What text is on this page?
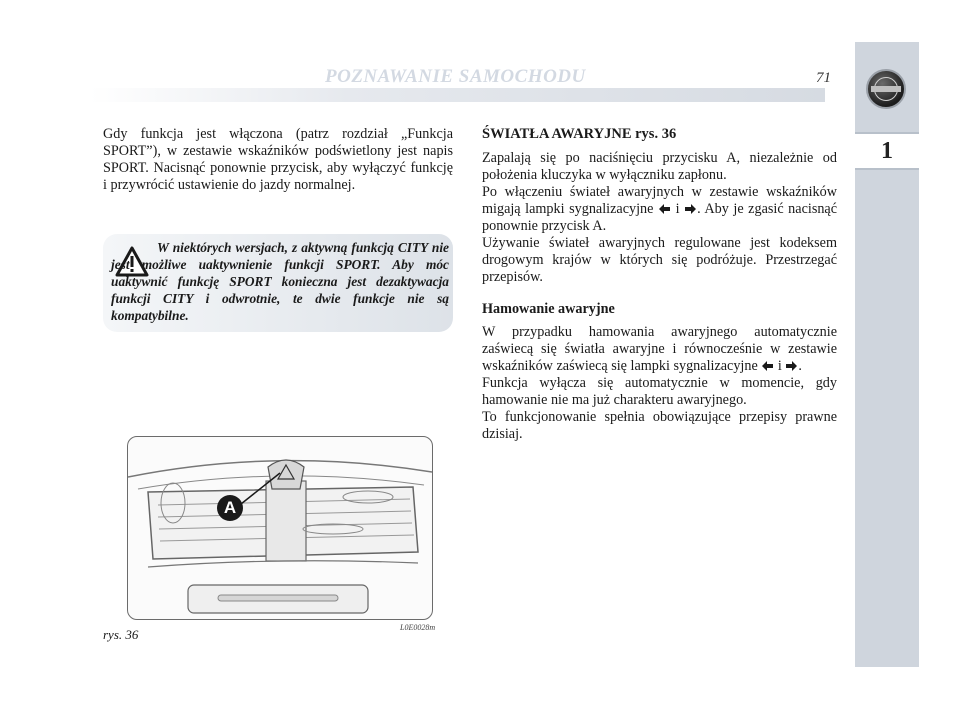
POZNAWANIE SAMOCHODU	71
1

Gdy funkcja jest włączona (patrz rozdział „Funkcja SPORT”), w zestawie wskaźników podświetlony jest napis SPORT. Nacisnąć ponownie przycisk, aby wyłączyć funkcję i przywrócić ustawienie do jazdy normalnej.

W niektórych wersjach, z aktywną funkcją CITY nie jest możliwe uaktywnienie funkcji SPORT. Aby móc uaktywnić funkcję SPORT konieczna jest dezaktywacja funkcji CITY i odwrotnie, te dwie funkcje nie są kompatybilne.
A
rys. 36	L0E0028m

ŚWIATŁA AWARYJNE rys. 36

Zapalają się po naciśnięciu przycisku A, niezależnie od położenia kluczyka w wyłączniku zapłonu.

Po włączeniu świateł awaryjnych w zestawie wskaźników migają lampki sygnalizacyjne i . Aby je zgasić nacisnąć ponownie przycisk A.

Używanie świateł awaryjnych regulowane jest kodeksem drogowym krajów w których się podróżuje. Przestrzegać przepisów.

Hamowanie awaryjne

W przypadku hamowania awaryjnego automatycznie zaświecą się światła awaryjne i równocześnie w zestawie wskaźników zaświecą się lampki sygnalizacyjne i .

Funkcja wyłącza się automatycznie w momencie, gdy hamowanie nie ma już charakteru awaryjnego.

To funkcjonowanie spełnia obowiązujące przepisy prawne dzisiaj.
